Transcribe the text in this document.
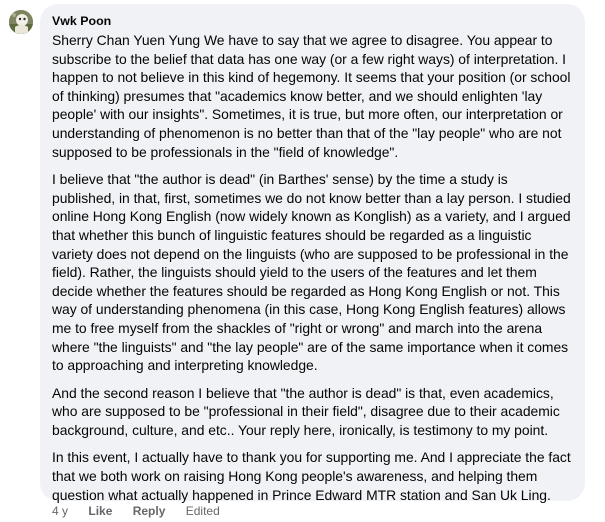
Vwk Poon

Sherry Chan Yuen Yung We have to say that we agree to disagree. You appear to subscribe to the belief that data has one way (or a few right ways) of interpretation. I happen to not believe in this kind of hegemony. It seems that your position (or school of thinking) presumes that "academics know better, and we should enlighten 'lay people' with our insights". Sometimes, it is true, but more often, our interpretation or understanding of phenomenon is no better than that of the "lay people" who are not supposed to be professionals in the "field of knowledge".

I believe that "the author is dead" (in Barthes' sense) by the time a study is published, in that, first, sometimes we do not know better than a lay person. I studied online Hong Kong English (now widely known as Konglish) as a variety, and I argued that whether this bunch of linguistic features should be regarded as a linguistic variety does not depend on the linguists (who are supposed to be professional in the field). Rather, the linguists should yield to the users of the features and let them decide whether the features should be regarded as Hong Kong English or not. This way of understanding phenomena (in this case, Hong Kong English features) allows me to free myself from the shackles of "right or wrong" and march into the arena where "the linguists" and "the lay people" are of the same importance when it comes to approaching and interpreting knowledge.

And the second reason I believe that "the author is dead" is that, even academics, who are supposed to be "professional in their field", disagree due to their academic background, culture, and etc.. Your reply here, ironically, is testimony to my point.

In this event, I actually have to thank you for supporting me. And I appreciate the fact that we both work on raising Hong Kong people's awareness, and helping them question what actually happened in Prince Edward MTR station and San Uk Ling.

4 y Like Reply Edited
